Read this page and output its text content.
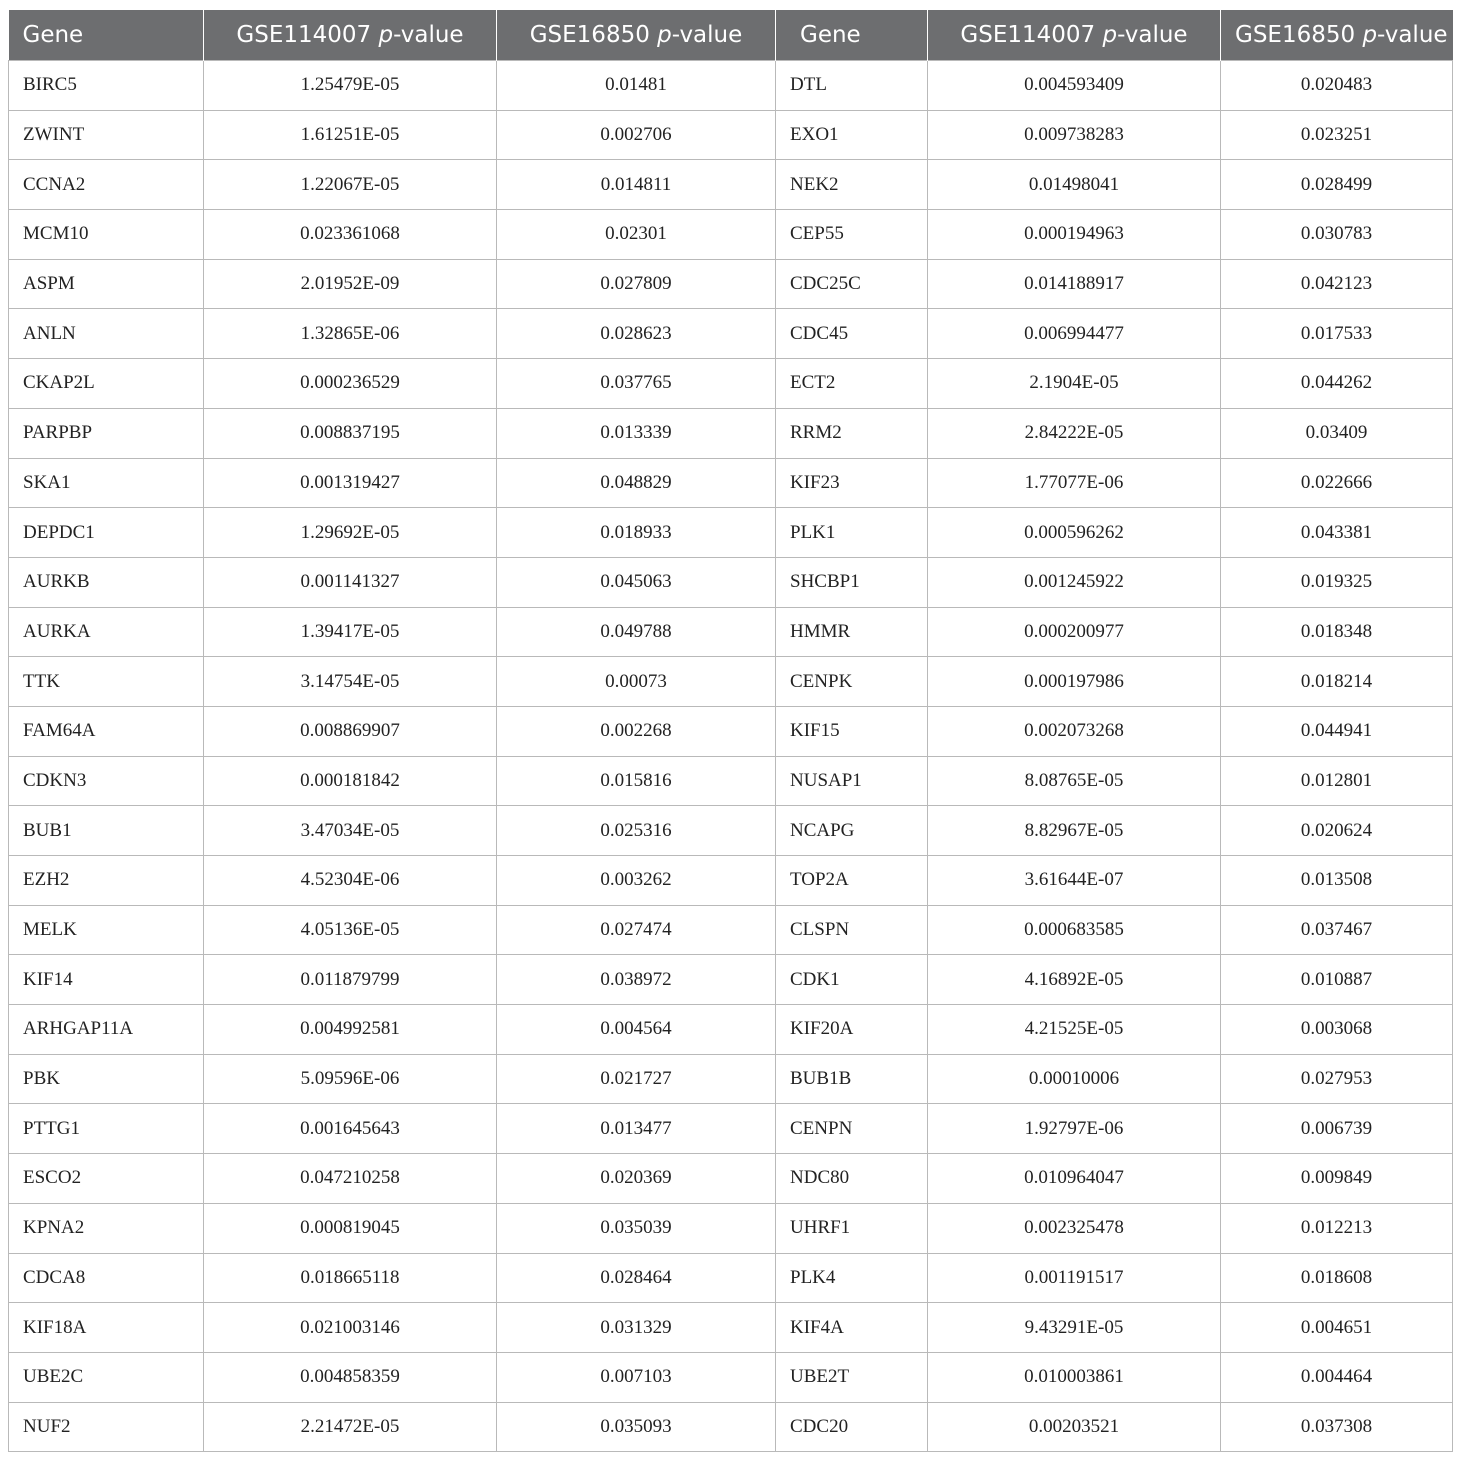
Gene	GSE114007 p-value	GSE16850 p-value	Gene	GSE114007 p-value	GSE16850 p-value
BIRC5	1.25479E-05	0.01481	DTL	0.004593409	0.020483
ZWINT	1.61251E-05	0.002706	EXO1	0.009738283	0.023251
CCNA2	1.22067E-05	0.014811	NEK2	0.01498041	0.028499
MCM10	0.023361068	0.02301	CEP55	0.000194963	0.030783
ASPM	2.01952E-09	0.027809	CDC25C	0.014188917	0.042123
ANLN	1.32865E-06	0.028623	CDC45	0.006994477	0.017533
CKAP2L	0.000236529	0.037765	ECT2	2.1904E-05	0.044262
PARPBP	0.008837195	0.013339	RRM2	2.84222E-05	0.03409
SKA1	0.001319427	0.048829	KIF23	1.77077E-06	0.022666
DEPDC1	1.29692E-05	0.018933	PLK1	0.000596262	0.043381
AURKB	0.001141327	0.045063	SHCBP1	0.001245922	0.019325
AURKA	1.39417E-05	0.049788	HMMR	0.000200977	0.018348
TTK	3.14754E-05	0.00073	CENPK	0.000197986	0.018214
FAM64A	0.008869907	0.002268	KIF15	0.002073268	0.044941
CDKN3	0.000181842	0.015816	NUSAP1	8.08765E-05	0.012801
BUB1	3.47034E-05	0.025316	NCAPG	8.82967E-05	0.020624
EZH2	4.52304E-06	0.003262	TOP2A	3.61644E-07	0.013508
MELK	4.05136E-05	0.027474	CLSPN	0.000683585	0.037467
KIF14	0.011879799	0.038972	CDK1	4.16892E-05	0.010887
ARHGAP11A	0.004992581	0.004564	KIF20A	4.21525E-05	0.003068
PBK	5.09596E-06	0.021727	BUB1B	0.00010006	0.027953
PTTG1	0.001645643	0.013477	CENPN	1.92797E-06	0.006739
ESCO2	0.047210258	0.020369	NDC80	0.010964047	0.009849
KPNA2	0.000819045	0.035039	UHRF1	0.002325478	0.012213
CDCA8	0.018665118	0.028464	PLK4	0.001191517	0.018608
KIF18A	0.021003146	0.031329	KIF4A	9.43291E-05	0.004651
UBE2C	0.004858359	0.007103	UBE2T	0.010003861	0.004464
NUF2	2.21472E-05	0.035093	CDC20	0.00203521	0.037308
